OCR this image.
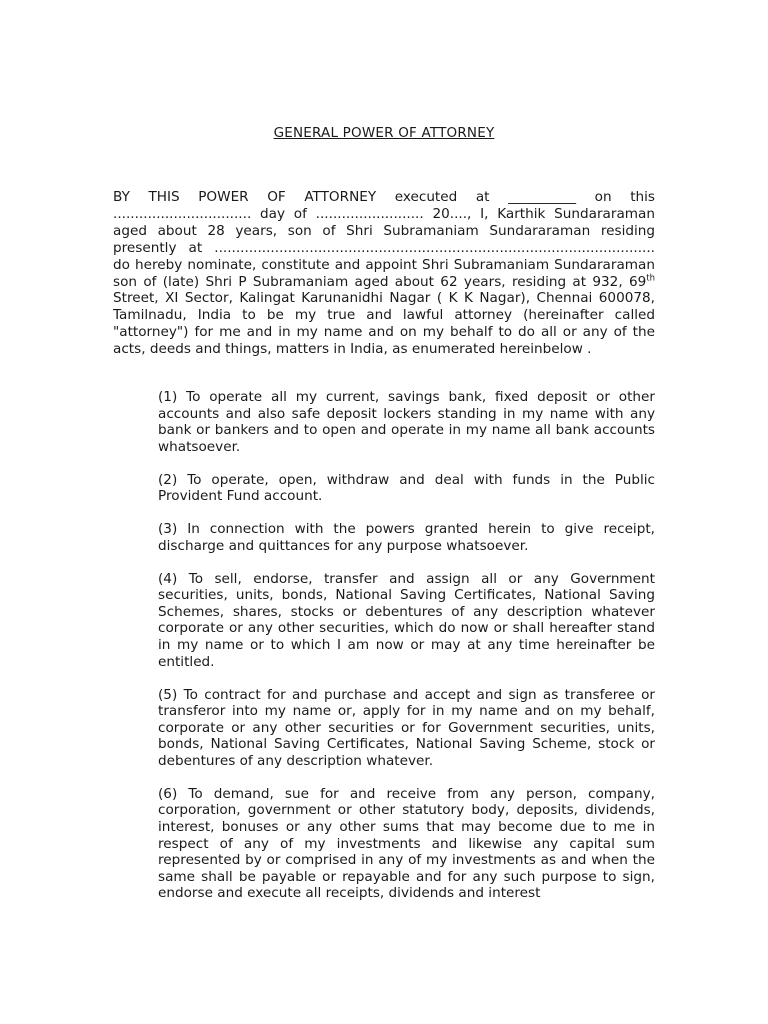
GENERAL POWER OF ATTORNEY

BY THIS POWER OF ATTORNEY executed at __________ on this ................................ day of ......................... 20...., I, Karthik Sundararaman aged about 28 years, son of Shri Subramaniam Sundararaman residing presently at ...................................................................................................... do hereby nominate, constitute and appoint Shri Subramaniam Sundararaman son of (late) Shri P Subramaniam aged about 62 years, residing at 932, 69th Street, XI Sector, Kalingat Karunanidhi Nagar ( K K Nagar), Chennai 600078, Tamilnadu, India to be my true and lawful attorney (hereinafter called "attorney") for me and in my name and on my behalf to do all or any of the acts, deeds and things, matters in India, as enumerated hereinbelow .

(1) To operate all my current, savings bank, fixed deposit or other accounts and also safe deposit lockers standing in my name with any bank or bankers and to open and operate in my name all bank accounts whatsoever.

(2) To operate, open, withdraw and deal with funds in the Public Provident Fund account.

(3) In connection with the powers granted herein to give receipt, discharge and quittances for any purpose whatsoever.

(4) To sell, endorse, transfer and assign all or any Government securities, units, bonds, National Saving Certificates, National Saving Schemes, shares, stocks or debentures of any description whatever corporate or any other securities, which do now or shall hereafter stand in my name or to which I am now or may at any time hereinafter be entitled.

(5) To contract for and purchase and accept and sign as transferee or transferor into my name or, apply for in my name and on my behalf, corporate or any other securities or for Government securities, units, bonds, National Saving Certificates, National Saving Scheme, stock or debentures of any description whatever.

(6) To demand, sue for and receive from any person, company, corporation, government or other statutory body, deposits, dividends, interest, bonuses or any other sums that may become due to me in respect of any of my investments and likewise any capital sum represented by or comprised in any of my investments as and when the same shall be payable or repayable and for any such purpose to sign, endorse and execute all receipts, dividends and interest
